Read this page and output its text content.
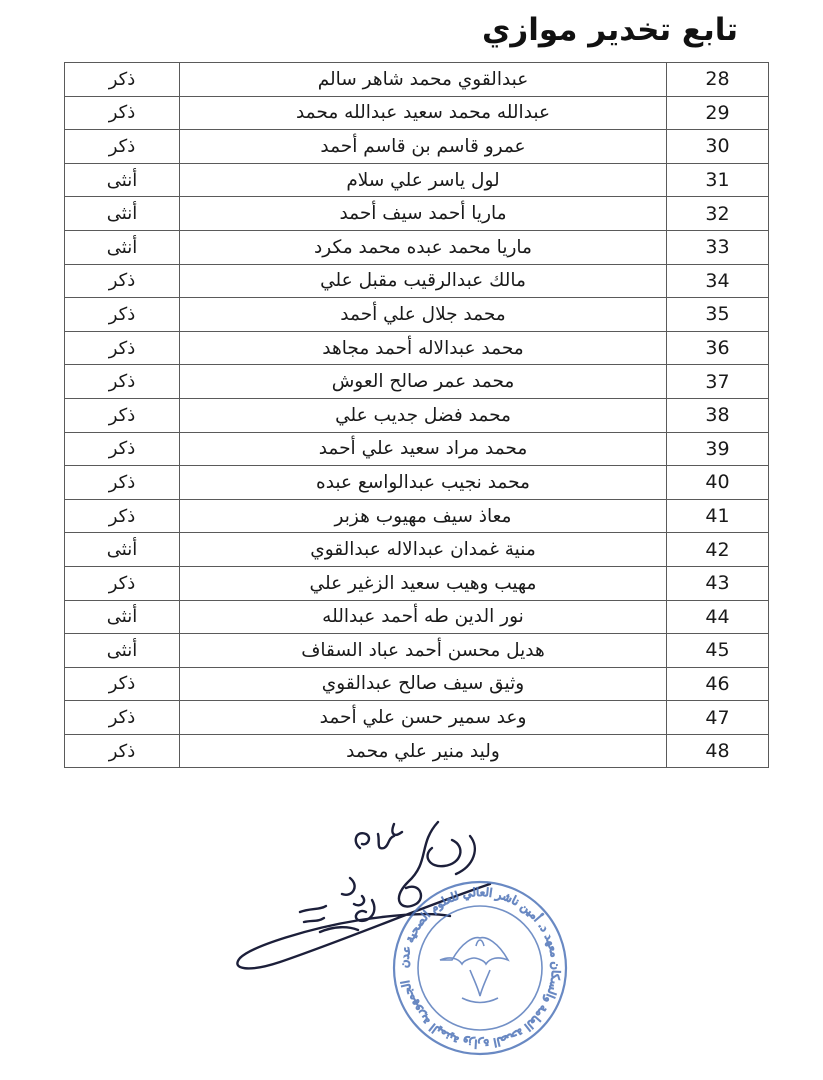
تابع تخدير موازي
ذكر	عبدالقوي محمد شاهر سالم	28
ذكر	عبدالله محمد سعيد عبدالله محمد	29
ذكر	عمرو قاسم بن قاسم أحمد	30
أنثى	لول ياسر علي سلام	31
أنثى	ماريا أحمد سيف أحمد	32
أنثى	ماريا محمد عبده محمد مكرد	33
ذكر	مالك عبدالرقيب مقبل علي	34
ذكر	محمد جلال علي أحمد	35
ذكر	محمد عبدالاله أحمد مجاهد	36
ذكر	محمد عمر صالح العوش	37
ذكر	محمد فضل جديب علي	38
ذكر	محمد مراد سعيد علي أحمد	39
ذكر	محمد نجيب عبدالواسع عبده	40
ذكر	معاذ سيف مهيوب هزبر	41
أنثى	منية غمدان عبدالاله عبدالقوي	42
ذكر	مهيب وهيب سعيد الزغير علي	43
أنثى	نور الدين طه أحمد عبدالله	44
أنثى	هديل محسن أحمد عباد السقاف	45
ذكر	وثيق سيف صالح عبدالقوي	46
ذكر	وعد سمير حسن علي أحمد	47
ذكر	وليد منير علي محمد	48
الجمهورية اليمنية وزارة الصحة العامة والسكان معهد د. أمين ناشر العالي للعلوم الصحية عدن
